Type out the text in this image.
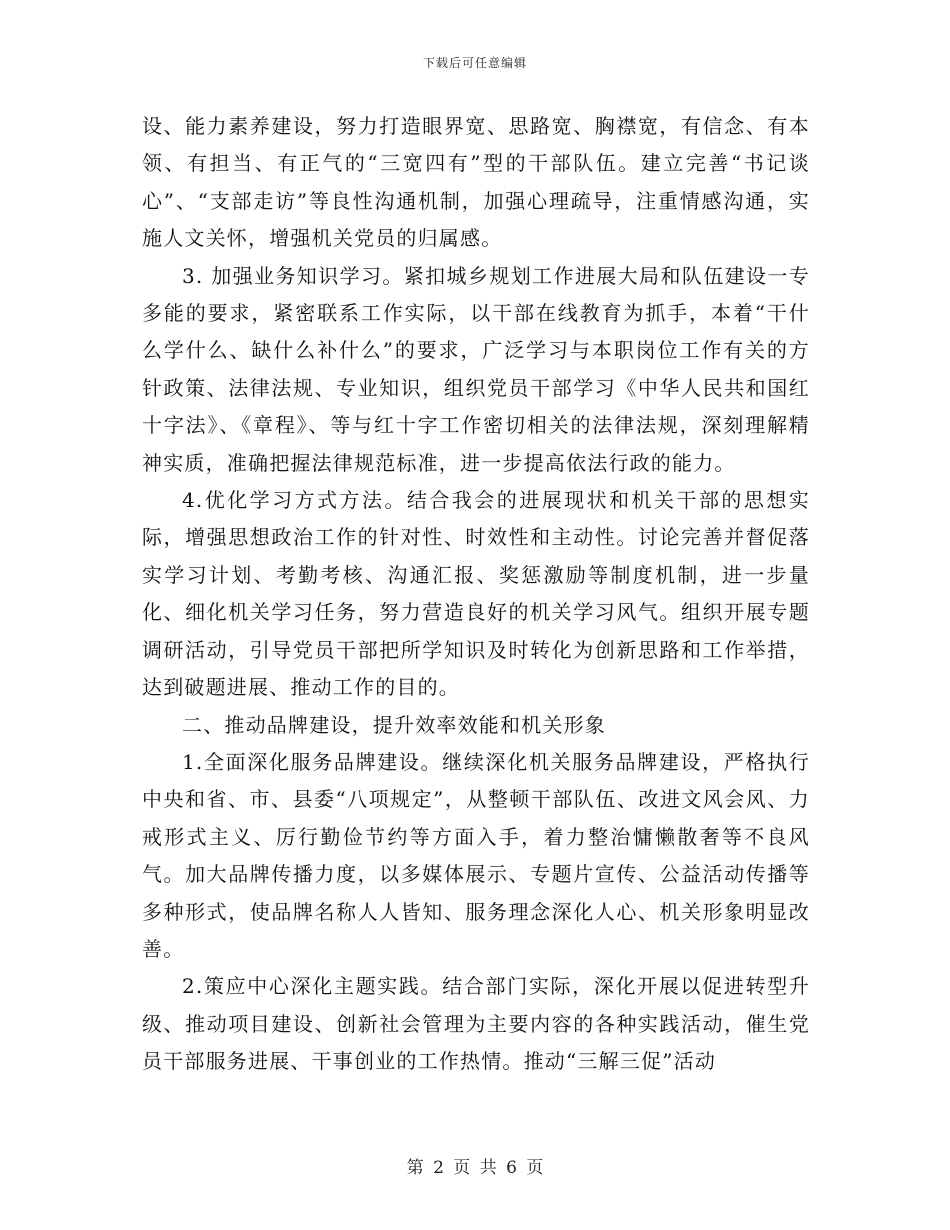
下载后可任意编辑

设、能力素养建设，努力打造眼界宽、思路宽、胸襟宽，有信念、有本领、有担当、有正气的“三宽四有”型的干部队伍。建立完善“书记谈心”、“支部走访”等良性沟通机制，加强心理疏导，注重情感沟通，实施人文关怀，增强机关党员的归属感。

3. 加强业务知识学习。紧扣城乡规划工作进展大局和队伍建设一专多能的要求，紧密联系工作实际，以干部在线教育为抓手，本着“干什么学什么、缺什么补什么”的要求，广泛学习与本职岗位工作有关的方针政策、法律法规、专业知识，组织党员干部学习《中华人民共和国红十字法》、《章程》、等与红十字工作密切相关的法律法规，深刻理解精神实质，准确把握法律规范标准，进一步提高依法行政的能力。

4.优化学习方式方法。结合我会的进展现状和机关干部的思想实际，增强思想政治工作的针对性、时效性和主动性。讨论完善并督促落实学习计划、考勤考核、沟通汇报、奖惩激励等制度机制，进一步量化、细化机关学习任务，努力营造良好的机关学习风气。组织开展专题调研活动，引导党员干部把所学知识及时转化为创新思路和工作举措，达到破题进展、推动工作的目的。

二、推动品牌建设，提升效率效能和机关形象

1.全面深化服务品牌建设。继续深化机关服务品牌建设，严格执行中央和省、市、县委“八项规定”，从整顿干部队伍、改进文风会风、力戒形式主义、厉行勤俭节约等方面入手，着力整治慵懒散奢等不良风气。加大品牌传播力度，以多媒体展示、专题片宣传、公益活动传播等多种形式，使品牌名称人人皆知、服务理念深化人心、机关形象明显改善。

2.策应中心深化主题实践。结合部门实际，深化开展以促进转型升级、推动项目建设、创新社会管理为主要内容的各种实践活动，催生党员干部服务进展、干事创业的工作热情。推动“三解三促”活动

第 2 页 共 6 页
